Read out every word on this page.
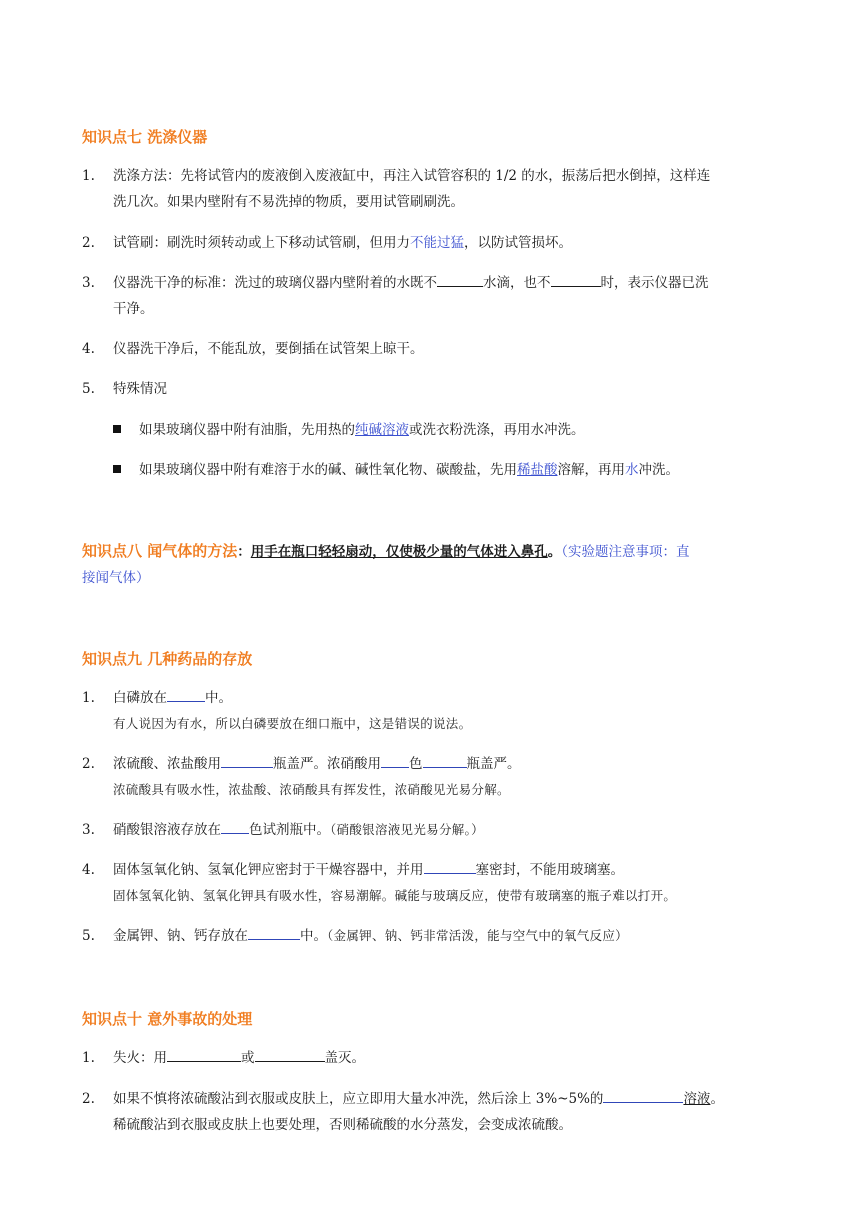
知识点七 洗涤仪器
1.	洗涤方法：先将试管内的废液倒入废液缸中，再注入试管容积的 1/2 的水，振荡后把水倒掉，这样连
洗几次。如果内壁附有不易洗掉的物质，要用试管刷刷洗。
2.	试管刷：刷洗时须转动或上下移动试管刷，但用力不能过猛，以防试管损坏。
3.	仪器洗干净的标准：洗过的玻璃仪器内壁附着的水既不	水滴，也不	时，表示仪器已洗
干净。
4.	仪器洗干净后，不能乱放，要倒插在试管架上晾干。
5.	特殊情况
如果玻璃仪器中附有油脂，先用热的纯碱溶液或洗衣粉洗涤，再用水冲洗。
如果玻璃仪器中附有难溶于水的碱、碱性氧化物、碳酸盐，先用稀盐酸溶解，再用水冲洗。
知识点八 闻气体的方法：用手在瓶口轻轻扇动，仅使极少量的气体进入鼻孔。（实验题注意事项：直
接闻气体）
知识点九 几种药品的存放
1.	白磷放在	中。
有人说因为有水，所以白磷要放在细口瓶中，这是错误的说法。
2.	浓硫酸、浓盐酸用	瓶盖严。浓硝酸用 色	瓶盖严。
浓硫酸具有吸水性，浓盐酸、浓硝酸具有挥发性，浓硝酸见光易分解。
3.	硝酸银溶液存放在 色试剂瓶中。（硝酸银溶液见光易分解。）
4.	固体氢氧化钠、氢氧化钾应密封于干燥容器中，并用	塞密封，不能用玻璃塞。
固体氢氧化钠、氢氧化钾具有吸水性，容易潮解。碱能与玻璃反应，使带有玻璃塞的瓶子难以打开。
5.	金属钾、钠、钙存放在	中。（金属钾、钠、钙非常活泼，能与空气中的氧气反应）
知识点十 意外事故的处理
1.	失火：用	或	盖灭。
2.	如果不慎将浓硫酸沾到衣服或皮肤上，应立即用大量水冲洗，然后涂上 3%~5%的	溶液。
稀硫酸沾到衣服或皮肤上也要处理，否则稀硫酸的水分蒸发，会变成浓硫酸。
